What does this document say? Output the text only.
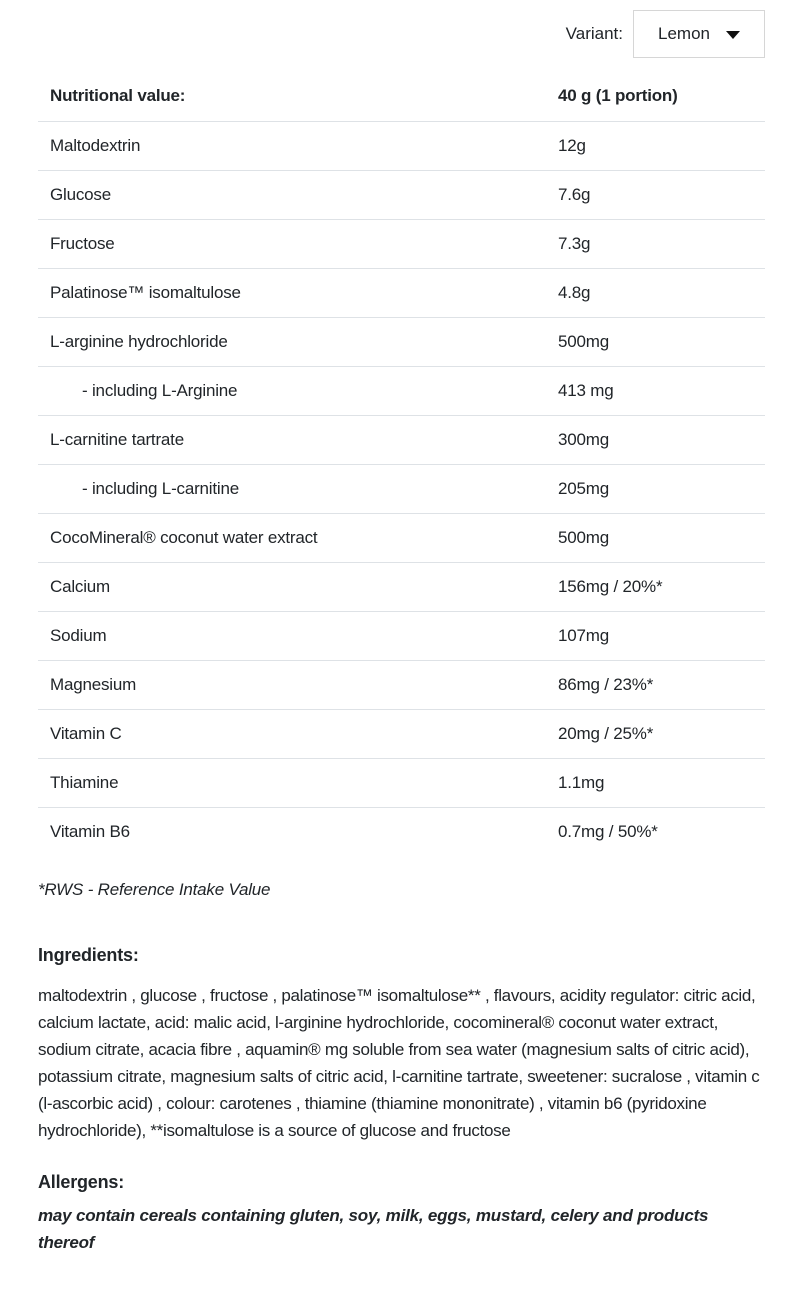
Variant: Lemon
Nutritional value:	40 g (1 portion)
Maltodextrin	12g
Glucose	7.6g
Fructose	7.3g
Palatinose™ isomaltulose	4.8g
L-arginine hydrochloride	500mg
- including L-Arginine	413 mg
L-carnitine tartrate	300mg
- including L-carnitine	205mg
CocoMineral® coconut water extract	500mg
Calcium	156mg / 20%*
Sodium	107mg
Magnesium	86mg / 23%*
Vitamin C	20mg / 25%*
Thiamine	1.1mg
Vitamin B6	0.7mg / 50%*

*RWS - Reference Intake Value

Ingredients:

maltodextrin , glucose , fructose , palatinose™ isomaltulose** , flavours, acidity regulator: citric acid, calcium lactate, acid: malic acid, l-arginine hydrochloride, cocomineral® coconut water extract, sodium citrate, acacia fibre , aquamin® mg soluble from sea water (magnesium salts of citric acid), potassium citrate, magnesium salts of citric acid, l-carnitine tartrate, sweetener: sucralose , vitamin c (l-ascorbic acid) , colour: carotenes , thiamine (thiamine mononitrate) , vitamin b6 (pyridoxine hydrochloride), **isomaltulose is a source of glucose and fructose

Allergens:

may contain cereals containing gluten, soy, milk, eggs, mustard, celery and products thereof
